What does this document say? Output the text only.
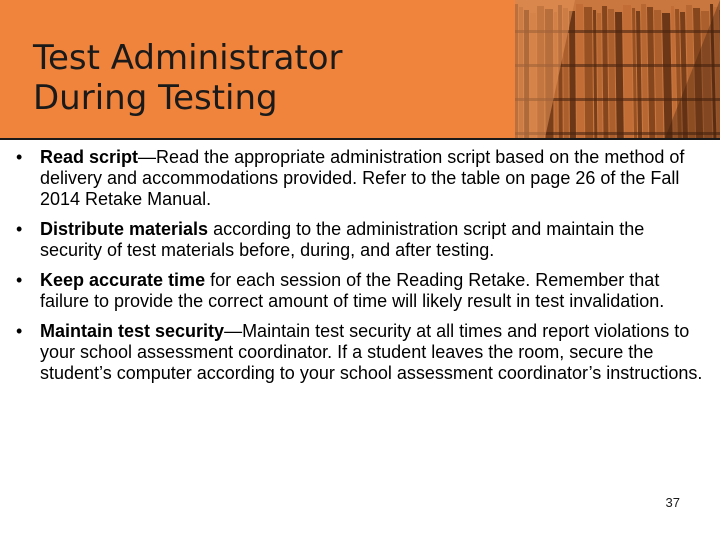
Test Administrator
During Testing
• Read script—Read the appropriate administration script based on the method of delivery and accommodations provided. Refer to the table on page 26 of the Fall 2014 Retake Manual.
• Distribute materials according to the administration script and maintain the security of test materials before, during, and after testing.
• Keep accurate time for each session of the Reading Retake. Remember that failure to provide the correct amount of time will likely result in test invalidation.
• Maintain test security—Maintain test security at all times and report violations to your school assessment coordinator. If a student leaves the room, secure the student’s computer according to your school assessment coordinator’s instructions.
37
